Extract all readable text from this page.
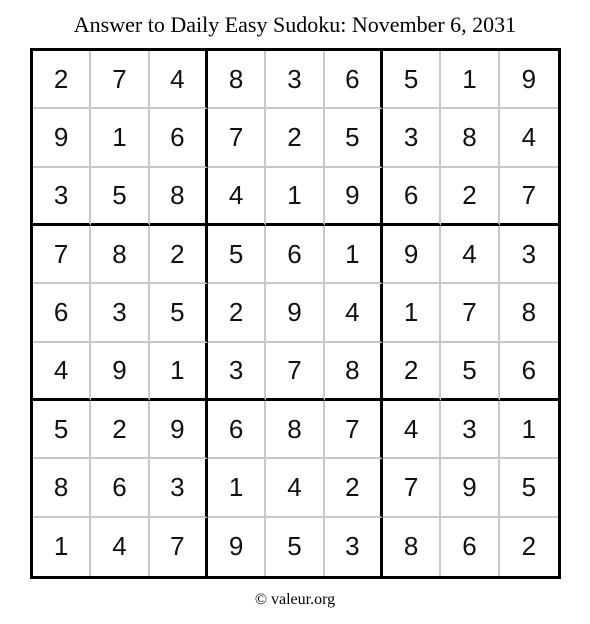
Answer to Daily Easy Sudoku: November 6, 2031
2	7	4	8	3	6	5	1	9
9	1	6	7	2	5	3	8	4
3	5	8	4	1	9	6	2	7
7	8	2	5	6	1	9	4	3
6	3	5	2	9	4	1	7	8
4	9	1	3	7	8	2	5	6
5	2	9	6	8	7	4	3	1
8	6	3	1	4	2	7	9	5
1	4	7	9	5	3	8	6	2
© valeur.org
